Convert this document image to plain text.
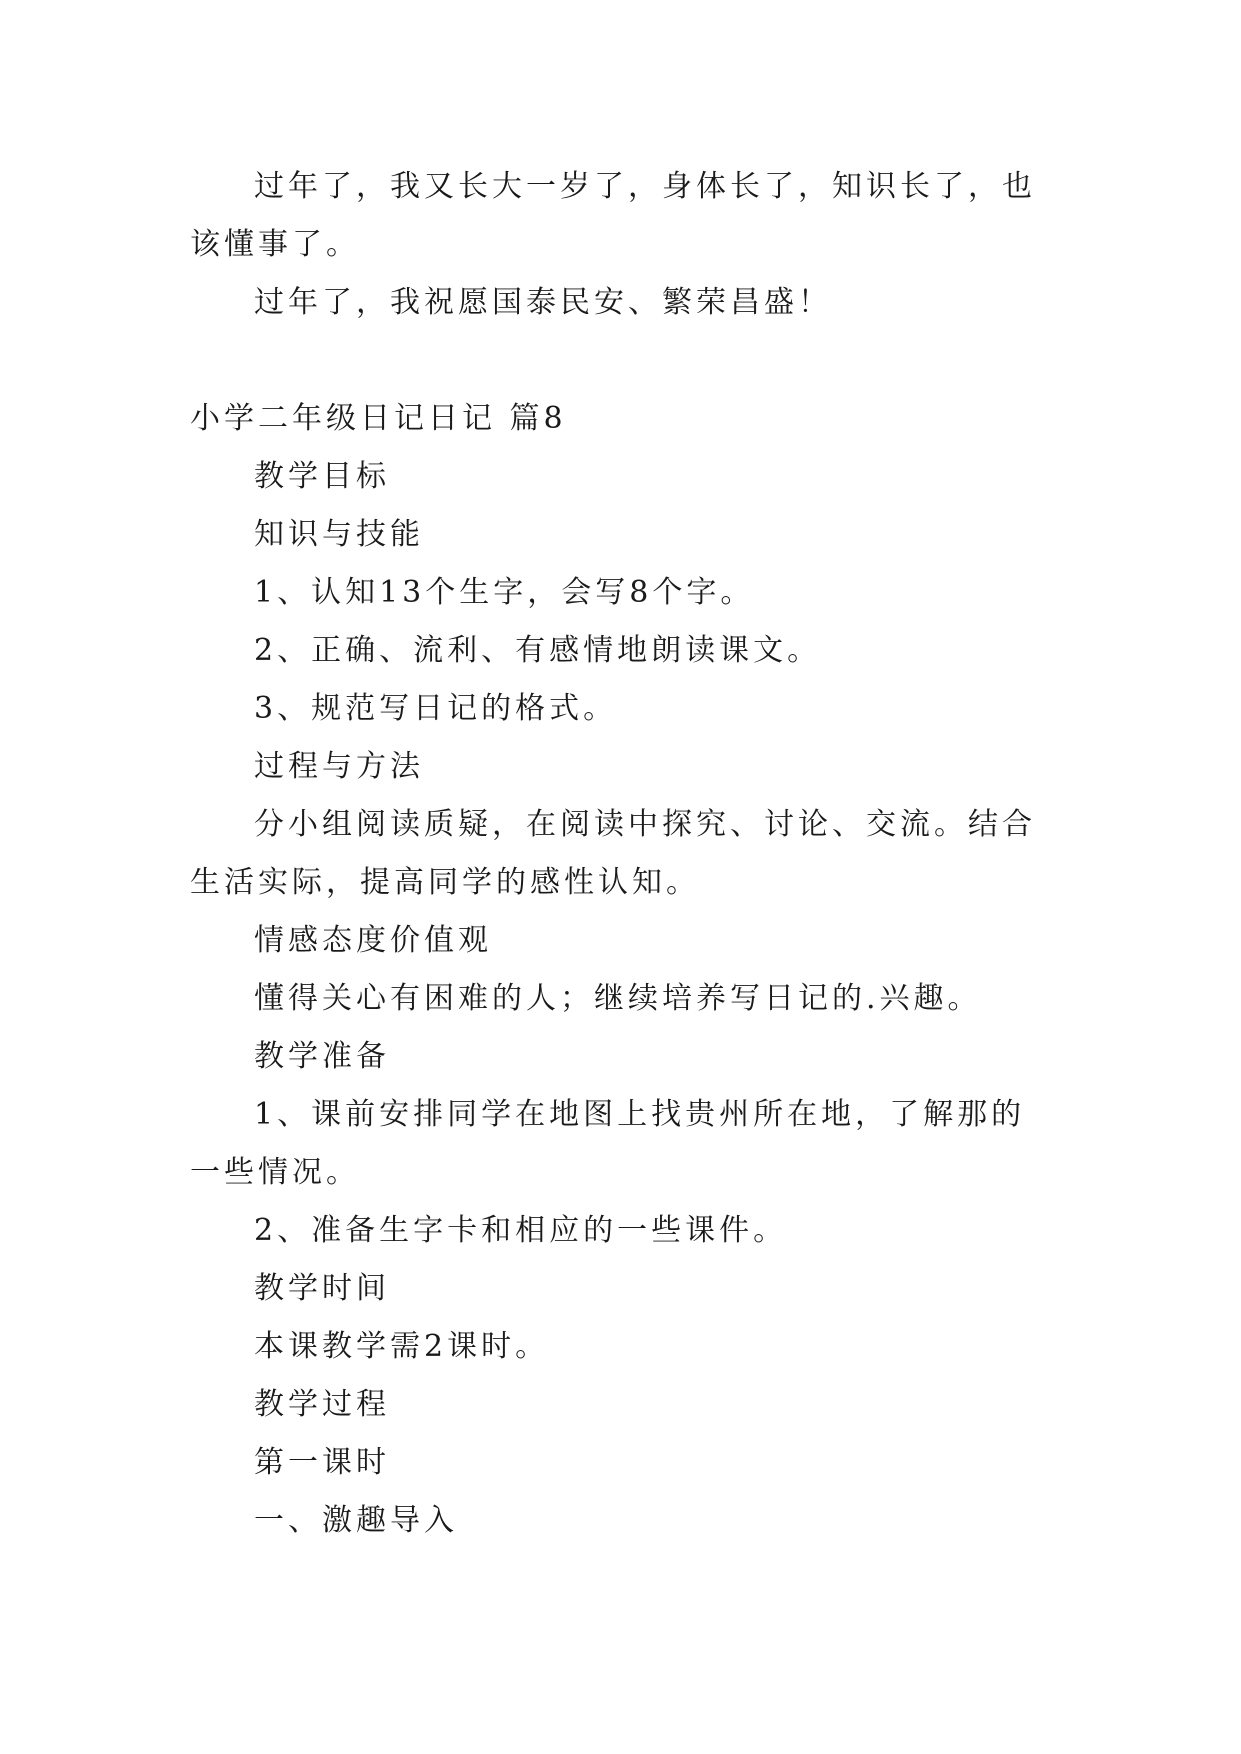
过年了，我又长大一岁了，身体长了，知识长了，也该懂事了。

过年了，我祝愿国泰民安、繁荣昌盛！

小学二年级日记日记 篇8

教学目标

知识与技能

1、认知13个生字，会写8个字。

2、正确、流利、有感情地朗读课文。

3、规范写日记的格式。

过程与方法

分小组阅读质疑，在阅读中探究、讨论、交流。结合生活实际，提高同学的感性认知。

情感态度价值观

懂得关心有困难的人；继续培养写日记的.兴趣。

教学准备

1、课前安排同学在地图上找贵州所在地，了解那的一些情况。

2、准备生字卡和相应的一些课件。

教学时间

本课教学需2课时。

教学过程

第一课时

一、激趣导入
